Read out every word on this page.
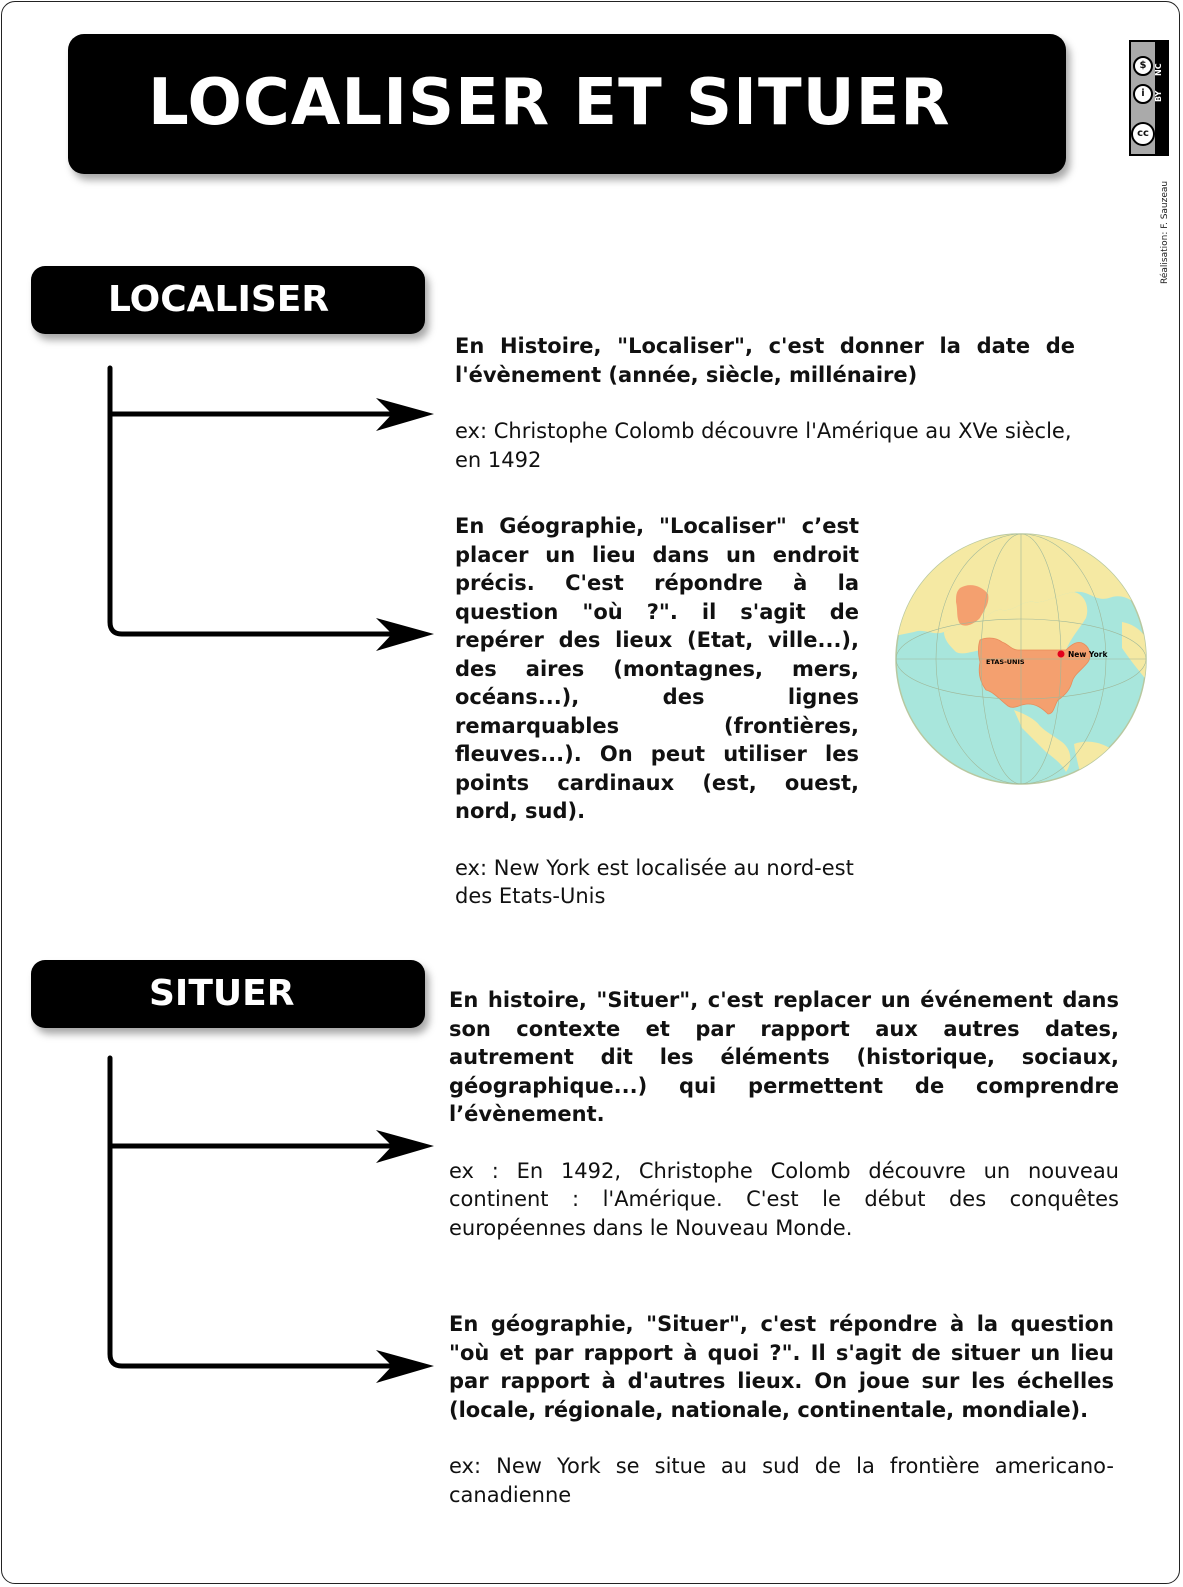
LOCALISER ET SITUER
$
i
cc
NC
BY
Réalisation: F. Sauzeau
LOCALISER
SITUER

En Histoire, "Localiser", c'est donner la date de l'évènement (année, siècle, millénaire)

ex: Christophe Colomb découvre l'Amérique au XVe siècle, en 1492

En Géographie, "Localiser" c’est placer un lieu dans un endroit précis. C'est répondre à la question "où ?". il s'agit de repérer des lieux (Etat, ville...), des aires (montagnes, mers, océans...), des lignes remarquables (frontières, fleuves...). On peut utiliser les points cardinaux (est, ouest, nord, sud).

ex: New York est localisée au nord-est des Etats-Unis

New York
ETAS-UNIS

En histoire, "Situer", c'est replacer un événement dans son contexte et par rapport aux autres dates, autrement dit les éléments (historique, sociaux, géographique...) qui permettent de comprendre l’évènement.

ex : En 1492, Christophe Colomb découvre un nouveau continent : l'Amérique. C'est le début des conquêtes européennes dans le Nouveau Monde.

En géographie, "Situer", c'est répondre à la question "où et par rapport à quoi ?". Il s'agit de situer un lieu par rapport à d'autres lieux. On joue sur les échelles (locale, régionale, nationale, continentale, mondiale).

ex: New York se situe au sud de la frontière americano-canadienne
